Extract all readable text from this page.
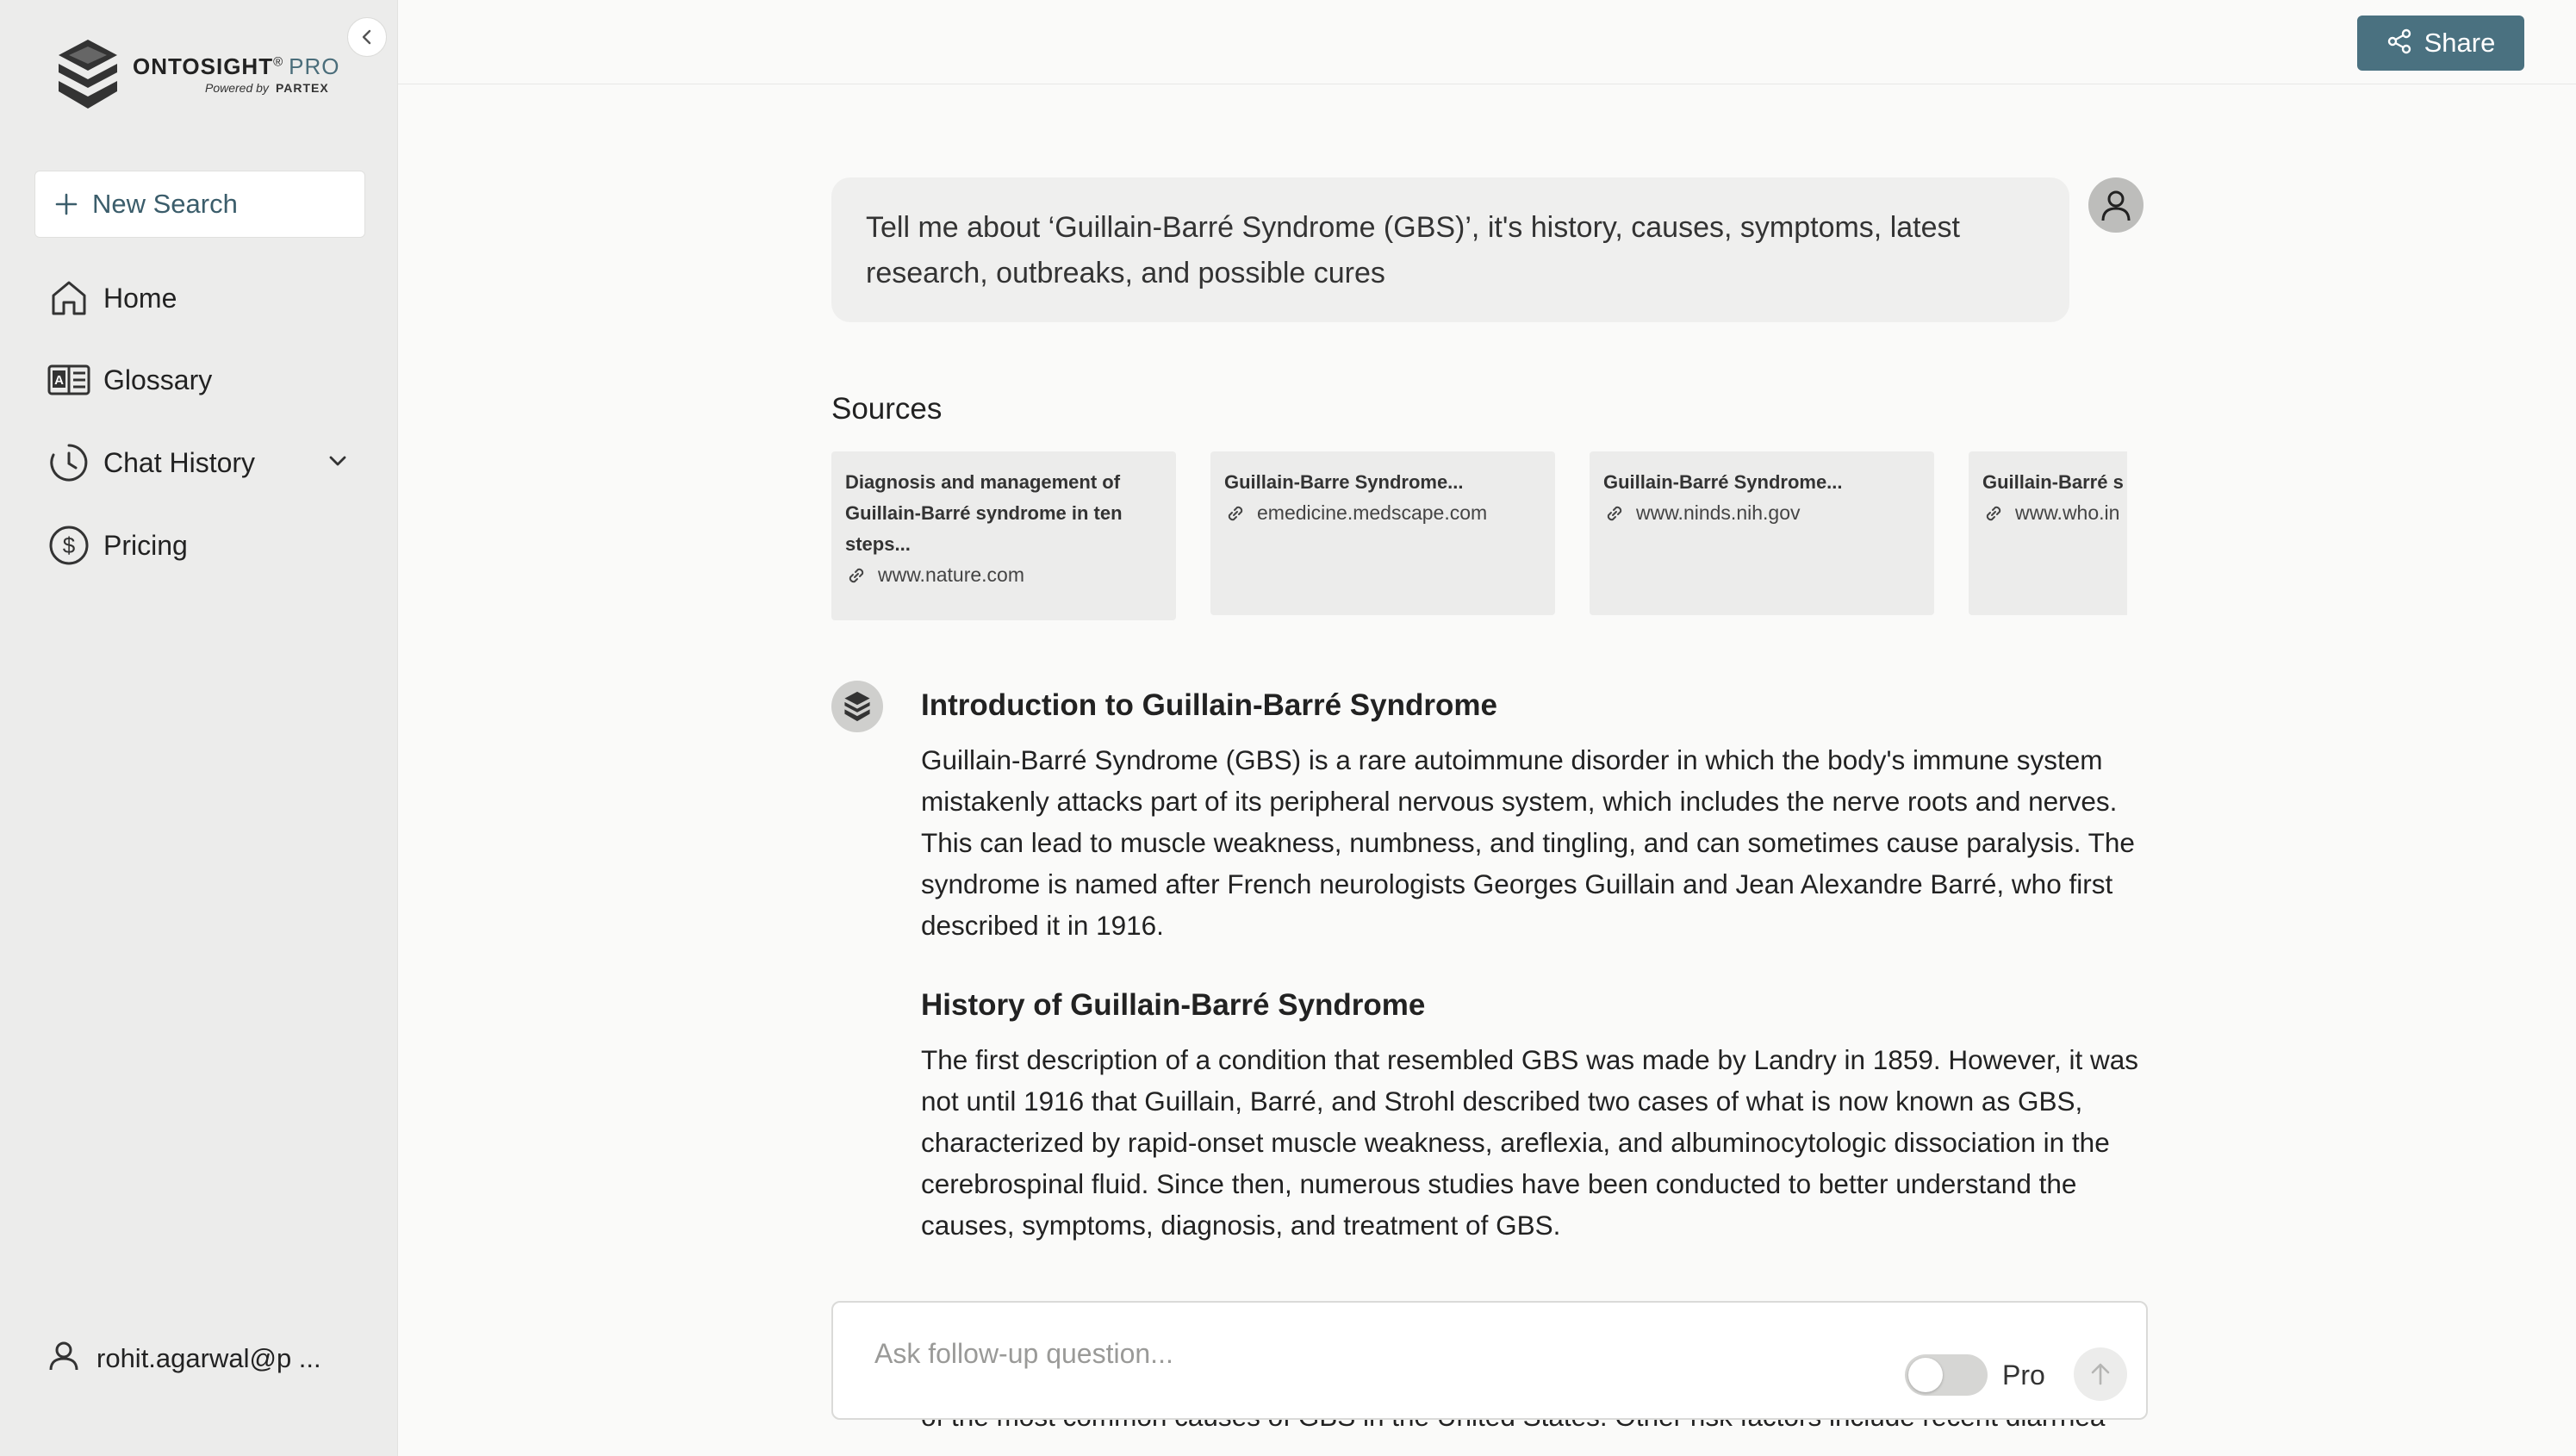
ONTOSIGHT® PRO
Powered by PARTEX
New Search
Home
A Glossary
Chat History
$ Pricing
rohit.agarwal@p ...
Share
Tell me about ‘Guillain-Barré Syndrome (GBS)’, it's history, causes, symptoms, latest research, outbreaks, and possible cures
Sources
Diagnosis and management of Guillain-Barré syndrome in ten steps...
www.nature.com
Guillain-Barre Syndrome...
emedicine.medscape.com
Guillain-Barré Syndrome...
www.ninds.nih.gov
Guillain-Barré s
www.who.in
Introduction to Guillain-Barré Syndrome

Guillain-Barré Syndrome (GBS) is a rare autoimmune disorder in which the body's immune system mistakenly attacks part of its peripheral nervous system, which includes the nerve roots and nerves. This can lead to muscle weakness, numbness, and tingling, and can sometimes cause paralysis. The syndrome is named after French neurologists Georges Guillain and Jean Alexandre Barré, who first described it in 1916.

History of Guillain-Barré Syndrome

The first description of a condition that resembled GBS was made by Landry in 1859. However, it was not until 1916 that Guillain, Barré, and Strohl described two cases of what is now known as GBS, characterized by rapid-onset muscle weakness, areflexia, and albuminocytologic dissociation in the cerebrospinal fluid. Since then, numerous studies have been conducted to better understand the causes, symptoms, diagnosis, and treatment of GBS.

Ask follow-up question...
Pro
